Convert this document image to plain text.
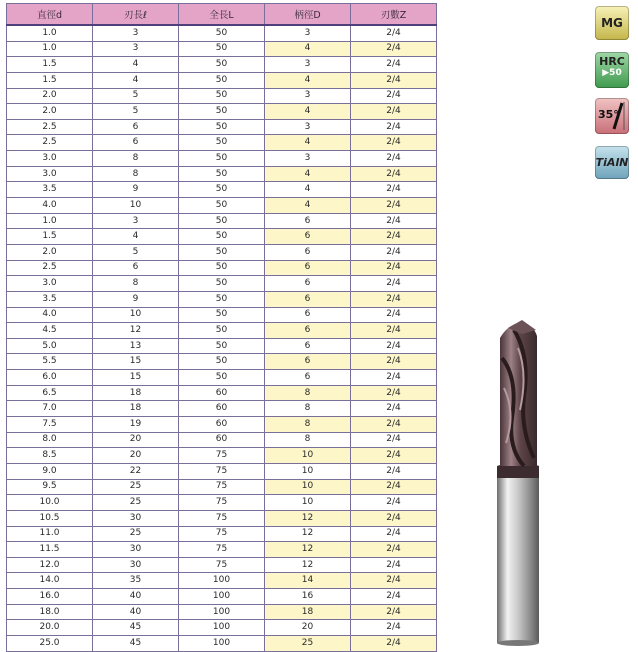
直徑d	刃長ℓ	全長L	柄徑D	刃數Z
1.0	3	50	3	2/4
1.0	3	50	4	2/4
1.5	4	50	3	2/4
1.5	4	50	4	2/4
2.0	5	50	3	2/4
2.0	5	50	4	2/4
2.5	6	50	3	2/4
2.5	6	50	4	2/4
3.0	8	50	3	2/4
3.0	8	50	4	2/4
3.5	9	50	4	2/4
4.0	10	50	4	2/4
1.0	3	50	6	2/4
1.5	4	50	6	2/4
2.0	5	50	6	2/4
2.5	6	50	6	2/4
3.0	8	50	6	2/4
3.5	9	50	6	2/4
4.0	10	50	6	2/4
4.5	12	50	6	2/4
5.0	13	50	6	2/4
5.5	15	50	6	2/4
6.0	15	50	6	2/4
6.5	18	60	8	2/4
7.0	18	60	8	2/4
7.5	19	60	8	2/4
8.0	20	60	8	2/4
8.5	20	75	10	2/4
9.0	22	75	10	2/4
9.5	25	75	10	2/4
10.0	25	75	10	2/4
10.5	30	75	12	2/4
11.0	25	75	12	2/4
11.5	30	75	12	2/4
12.0	30	75	12	2/4
14.0	35	100	14	2/4
16.0	40	100	16	2/4
18.0	40	100	18	2/4
20.0	45	100	20	2/4
25.0	45	100	25	2/4
MG
HRC
▶50
35°
TiAlN
